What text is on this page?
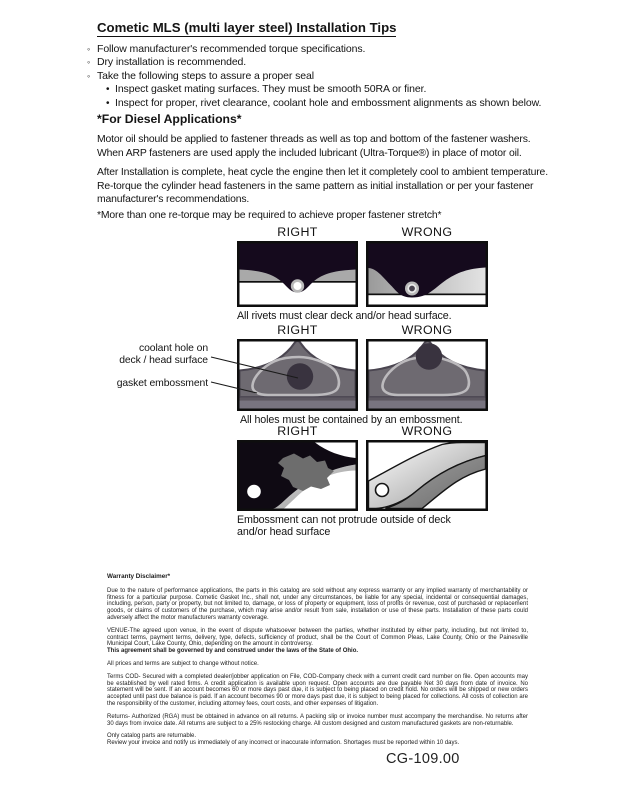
Cometic MLS (multi layer steel) Installation Tips
◦ Follow manufacturer's recommended torque specifications.
◦ Dry installation is recommended.
◦ Take the following steps to assure a proper seal
• Inspect gasket mating surfaces. They must be smooth 50RA or finer.
• Inspect for proper, rivet clearance, coolant hole and embossment alignments as shown below.
*For Diesel Applications*
Motor oil should be applied to fastener threads as well as top and bottom of the fastener washers. When ARP fasteners are used apply the included lubricant (Ultra-Torque®) in place of motor oil.
After Installation is complete, heat cycle the engine then let it completely cool to ambient temperature. Re-torque the cylinder head fasteners in the same pattern as initial installation or per your fastener manufacturer's recommendations.
*More than one re-torque may be required to achieve proper fastener stretch*
RIGHT	WRONG
All rivets must clear deck and/or head surface.
RIGHT	WRONG
All holes must be contained by an embossment.
coolant hole on
deck / head surface
gasket embossment
RIGHT	WRONG
Embossment can not protrude outside of deck
and/or head surface
Warranty Disclaimer*

Due to the nature of performance applications, the parts in this catalog are sold without any express warranty or any implied warranty of merchantability or fitness for a particular purpose. Cometic Gasket Inc., shall not, under any circumstances, be liable for any special, incidental or consequential damages, including, person, party or property, but not limited to, damage, or loss of property or equipment, loss of profits or revenue, cost of purchased or replacement goods, or claims of customers of the purchase, which may arise and/or result from sale, installation or use of these parts. Installation of these parts could adversely affect the motor manufacturers warranty coverage.

VENUE-The agreed upon venue, in the event of dispute whatsoever between the parties, whether instituted by either party, including, but not limited to, contract terms, payment terms, delivery, type, defects, sufficiency of product, shall be the Court of Common Pleas, Lake County, Ohio or the Painesville Municipal Court, Lake County, Ohio, depending on the amount in controversy.

This agreement shall be governed by and construed under the laws of the State of Ohio.

All prices and terms are subject to change without notice.

Terms COD- Secured with a completed dealer/jobber application on File, COD-Company check with a current credit card number on file. Open accounts may be established by well rated firms. A credit application is available upon request. Open accounts are due payable Net 30 days from date of invoice. No statement will be sent. If an account becomes 60 or more days past due, it is subject to being placed on credit hold. No orders will be shipped or new orders accepted until past due balance is paid. If an account becomes 90 or more days past due, it is subject to being placed for collections. All costs of collection are the responsibility of the customer, including attorney fees, court costs, and other expenses of litigation.

Returns- Authorized (RGA) must be obtained in advance on all returns. A packing slip or invoice number must accompany the merchandise. No returns after 30 days from invoice date. All returns are subject to a 25% restocking charge. All custom designed and custom manufactured gaskets are non-returnable.

Only catalog parts are returnable.

Review your invoice and notify us immediately of any incorrect or inaccurate information. Shortages must be reported within 10 days.

CG-109.00
